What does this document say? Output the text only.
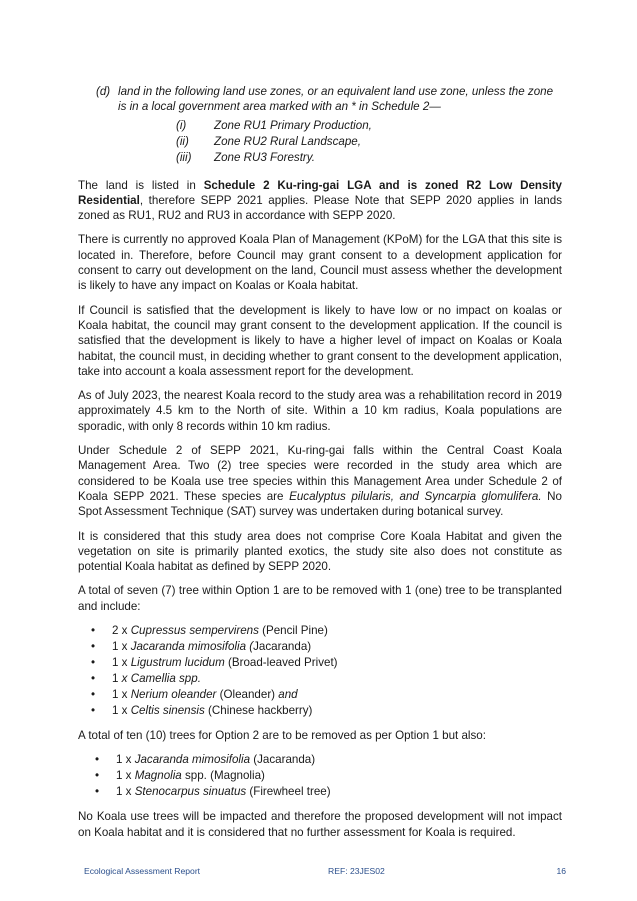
(d) land in the following land use zones, or an equivalent land use zone, unless the zone is in a local government area marked with an * in Schedule 2—
(i) Zone RU1 Primary Production,
(ii) Zone RU2 Rural Landscape,
(iii) Zone RU3 Forestry.

The land is listed in Schedule 2 Ku-ring-gai LGA and is zoned R2 Low Density Residential, therefore SEPP 2021 applies. Please Note that SEPP 2020 applies in lands zoned as RU1, RU2 and RU3 in accordance with SEPP 2020.

There is currently no approved Koala Plan of Management (KPoM) for the LGA that this site is located in. Therefore, before Council may grant consent to a development application for consent to carry out development on the land, Council must assess whether the development is likely to have any impact on Koalas or Koala habitat.

If Council is satisfied that the development is likely to have low or no impact on koalas or Koala habitat, the council may grant consent to the development application. If the council is satisfied that the development is likely to have a higher level of impact on Koalas or Koala habitat, the council must, in deciding whether to grant consent to the development application, take into account a koala assessment report for the development.

As of July 2023, the nearest Koala record to the study area was a rehabilitation record in 2019 approximately 4.5 km to the North of site. Within a 10 km radius, Koala populations are sporadic, with only 8 records within 10 km radius.

Under Schedule 2 of SEPP 2021, Ku-ring-gai falls within the Central Coast Koala Management Area. Two (2) tree species were recorded in the study area which are considered to be Koala use tree species within this Management Area under Schedule 2 of Koala SEPP 2021. These species are Eucalyptus pilularis, and Syncarpia glomulifera. No Spot Assessment Technique (SAT) survey was undertaken during botanical survey.

It is considered that this study area does not comprise Core Koala Habitat and given the vegetation on site is primarily planted exotics, the study site also does not constitute as potential Koala habitat as defined by SEPP 2020.

A total of seven (7) tree within Option 1 are to be removed with 1 (one) tree to be transplanted and include:

• 2 x Cupressus sempervirens (Pencil Pine)
• 1 x Jacaranda mimosifolia (Jacaranda)
• 1 x Ligustrum lucidum (Broad-leaved Privet)
• 1 x Camellia spp.
• 1 x Nerium oleander (Oleander) and
• 1 x Celtis sinensis (Chinese hackberry)

A total of ten (10) trees for Option 2 are to be removed as per Option 1 but also:

• 1 x Jacaranda mimosifolia (Jacaranda)
• 1 x Magnolia spp. (Magnolia)
• 1 x Stenocarpus sinuatus (Firewheel tree)

No Koala use trees will be impacted and therefore the proposed development will not impact on Koala habitat and it is considered that no further assessment for Koala is required.

Ecological Assessment Report	REF: 23JES02	16
